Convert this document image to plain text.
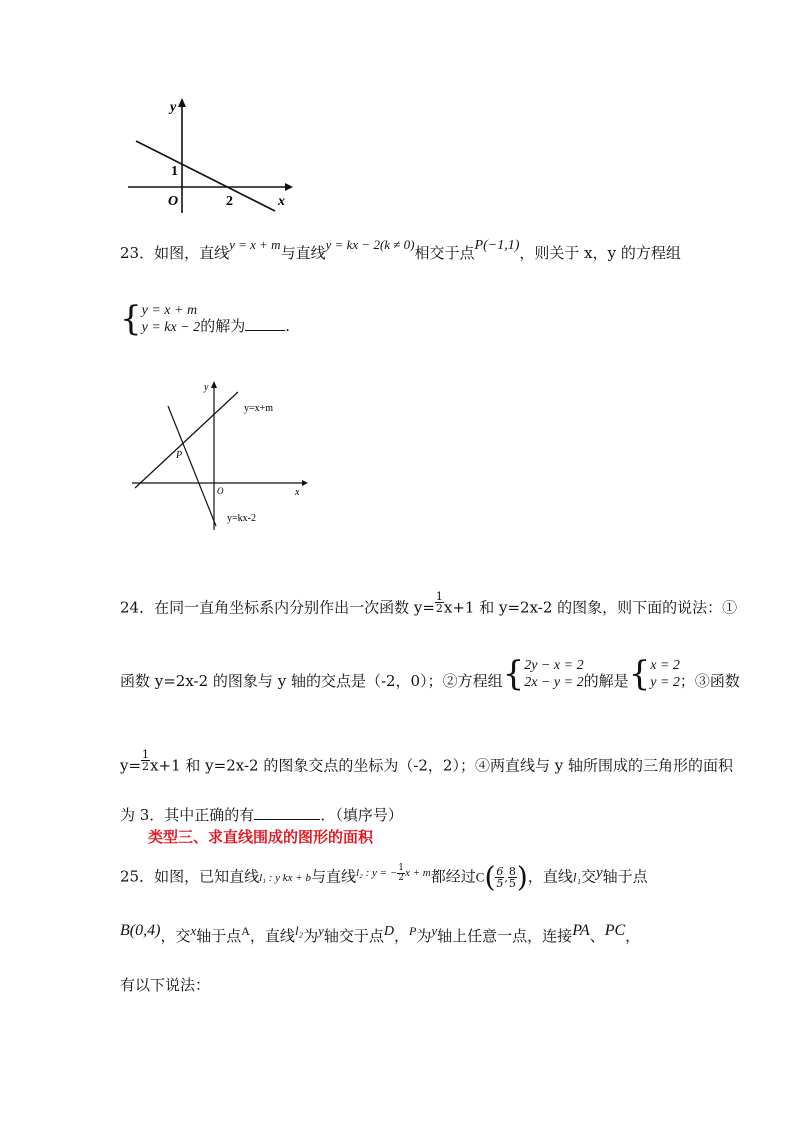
y
x
O
1
2
23．如图，直线y = x + m与直线y = kx − 2(k ≠ 0)相交于点P(−1,1)，则关于 x，y 的方程组
{ y = x + m
y = kx − 2 的解为	.
y
x
O
P
y=x+m
y=kx-2
24．在同一直角坐标系内分别作出一次函数 $y= \frac{1}{2} x+1$ 和 y=2x-2 的图象，则下面的说法：①
函数 y=2x-2 的图象与 y 轴的交点是（-2，0）；②方程组{ 2y − x = 2
2x − y = 2 的解是{ x = 2
y = 2 ；③函数
$y= \frac{1}{2} x+1$ 和 y=2x-2 的图象交点的坐标为（-2，2）；④两直线与 y 轴所围成的三角形的面积
为 3．其中正确的有	．（填序号）
类型三、求直线围成的图形的面积
25．如图，已知直线l₁ : y kx + b与直线$^{l_2 : y = -} \frac{1}{2} ^{x + m}$都经过$C( \frac{6}{5}$ , $\frac{8}{5}$ )，直线l₁交y轴于点
B(0,4)，交x轴于点$^A$，直线l₂为y轴交于点D，$^P$为y轴上任意一点，连接PA、PC，
有以下说法：
